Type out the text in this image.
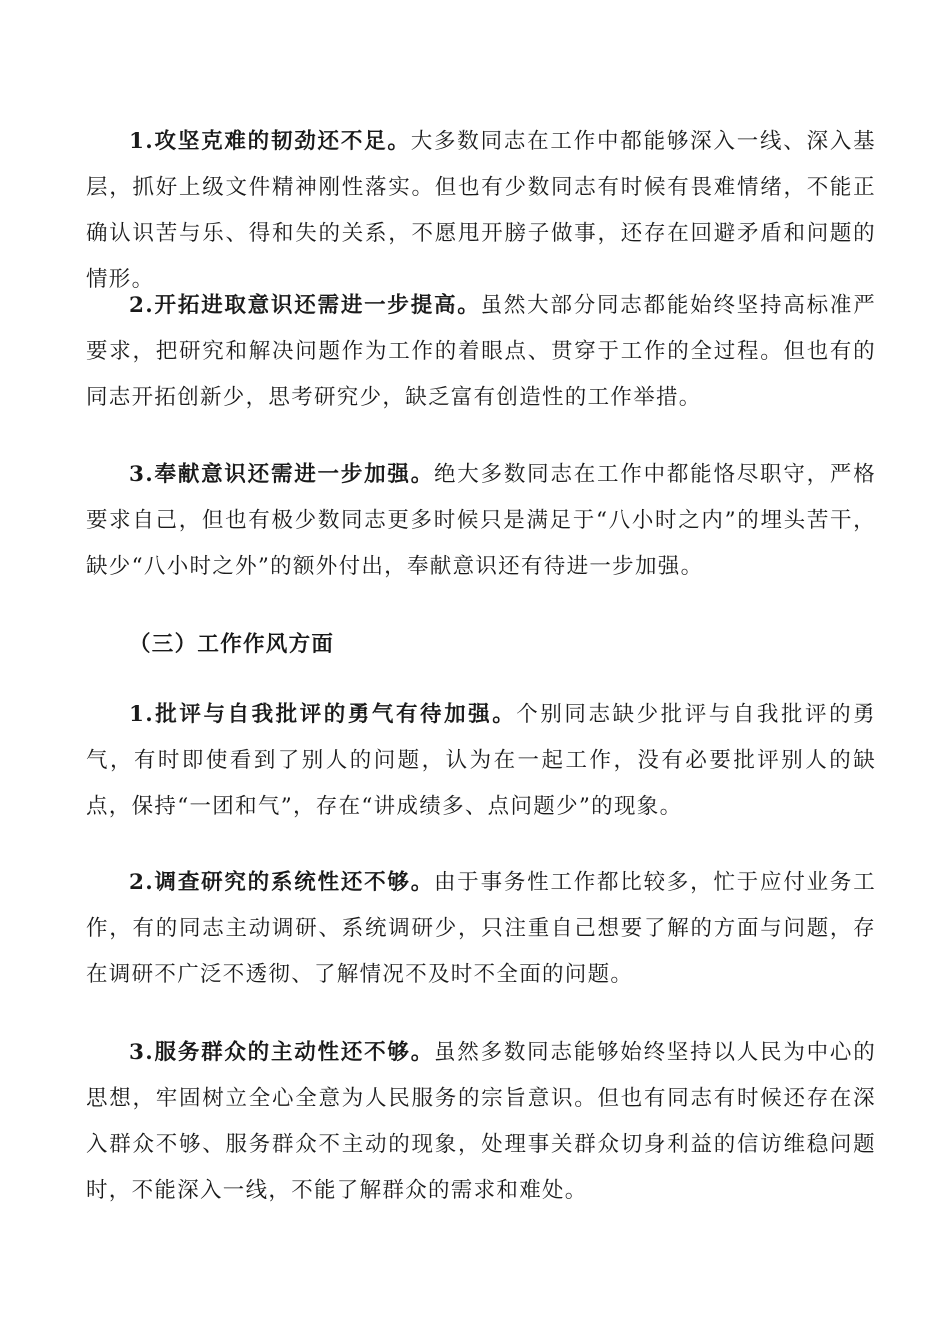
1.攻坚克难的韧劲还不足。大多数同志在工作中都能够深入一线、深入基层，抓好上级文件精神刚性落实。但也有少数同志有时候有畏难情绪，不能正确认识苦与乐、得和失的关系，不愿甩开膀子做事，还存在回避矛盾和问题的情形。

2.开拓进取意识还需进一步提高。虽然大部分同志都能始终坚持高标准严要求，把研究和解决问题作为工作的着眼点、贯穿于工作的全过程。但也有的同志开拓创新少，思考研究少，缺乏富有创造性的工作举措。

3.奉献意识还需进一步加强。绝大多数同志在工作中都能恪尽职守，严格要求自己，但也有极少数同志更多时候只是满足于“八小时之内”的埋头苦干，缺少“八小时之外”的额外付出，奉献意识还有待进一步加强。

（三）工作作风方面

1.批评与自我批评的勇气有待加强。个别同志缺少批评与自我批评的勇气，有时即使看到了别人的问题，认为在一起工作，没有必要批评别人的缺点，保持“一团和气”，存在“讲成绩多、点问题少”的现象。

2.调查研究的系统性还不够。由于事务性工作都比较多，忙于应付业务工作，有的同志主动调研、系统调研少，只注重自己想要了解的方面与问题，存在调研不广泛不透彻、了解情况不及时不全面的问题。

3.服务群众的主动性还不够。虽然多数同志能够始终坚持以人民为中心的思想，牢固树立全心全意为人民服务的宗旨意识。但也有同志有时候还存在深入群众不够、服务群众不主动的现象，处理事关群众切身利益的信访维稳问题时，不能深入一线，不能了解群众的需求和难处。
